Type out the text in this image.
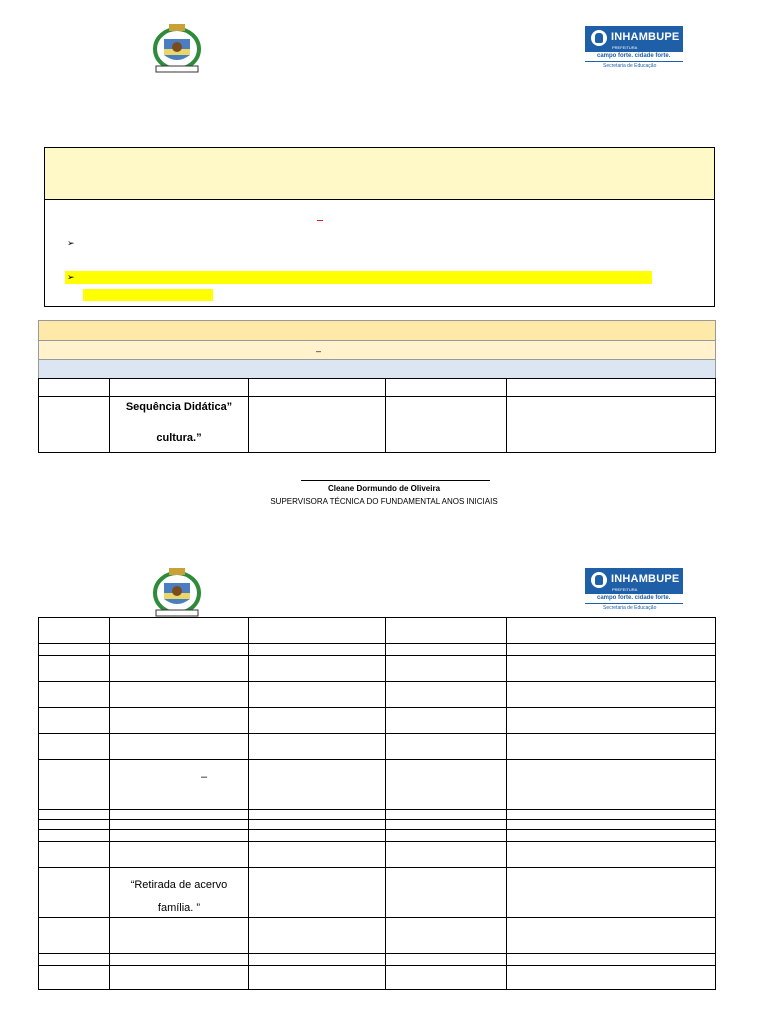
INHAMBUPE
PREFEITURA
campo forte. cidade forte.
Secretaria de Educação
➢
➢
–

	Sequência Didática”
cultura.”			

Cleane Dormundo de Oliveira
SUPERVISORA TÉCNICA DO FUNDAMENTAL ANOS INICIAIS
INHAMBUPE
PREFEITURA
campo forte. cidade forte.
Secretaria de Educação

	–			

	“Retirada de acervo
família. ”			
